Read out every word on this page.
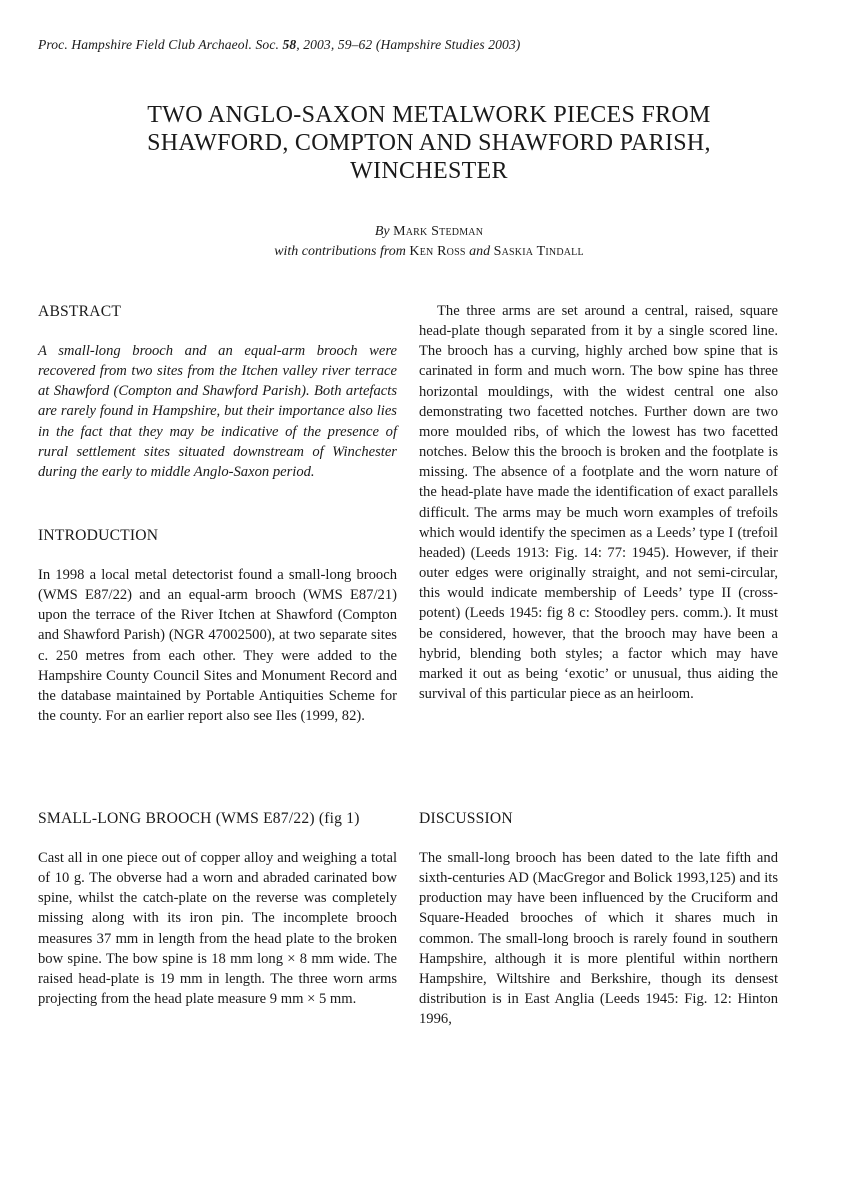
Proc. Hampshire Field Club Archaeol. Soc. 58, 2003, 59–62 (Hampshire Studies 2003)
TWO ANGLO-SAXON METALWORK PIECES FROM
SHAWFORD, COMPTON AND SHAWFORD PARISH,
WINCHESTER
By Mark Stedman
with contributions from Ken Ross and Saskia Tindall
ABSTRACT

A small-long brooch and an equal-arm brooch were recovered from two sites from the Itchen valley river terrace at Shawford (Compton and Shawford Parish). Both artefacts are rarely found in Hampshire, but their importance also lies in the fact that they may be indicative of the presence of rural settlement sites situated downstream of Winchester during the early to middle Anglo-Saxon period.

INTRODUCTION

In 1998 a local metal detectorist found a small-long brooch (WMS E87/22) and an equal-arm brooch (WMS E87/21) upon the terrace of the River Itchen at Shawford (Compton and Shawford Parish) (NGR 47002500), at two separate sites c. 250 metres from each other. They were added to the Hampshire County Council Sites and Monument Record and the database maintained by Portable Antiquities Scheme for the county. For an earlier report also see Iles (1999, 82).

SMALL-LONG BROOCH (WMS E87/22) (fig 1)

Cast all in one piece out of copper alloy and weighing a total of 10 g. The obverse had a worn and abraded carinated bow spine, whilst the catch-plate on the reverse was completely missing along with its iron pin. The incomplete brooch measures 37 mm in length from the head plate to the broken bow spine. The bow spine is 18 mm long × 8 mm wide. The raised head-plate is 19 mm in length. The three worn arms projecting from the head plate measure 9 mm × 5 mm.

The three arms are set around a central, raised, square head-plate though separated from it by a single scored line. The brooch has a curving, highly arched bow spine that is carinated in form and much worn. The bow spine has three horizontal mouldings, with the widest central one also demonstrating two facetted notches. Further down are two more moulded ribs, of which the lowest has two facetted notches. Below this the brooch is broken and the footplate is missing. The absence of a footplate and the worn nature of the head-plate have made the identification of exact parallels difficult. The arms may be much worn examples of trefoils which would identify the specimen as a Leeds’ type I (trefoil headed) (Leeds 1913: Fig. 14: 77: 1945). However, if their outer edges were originally straight, and not semi-circular, this would indicate membership of Leeds’ type II (cross-potent) (Leeds 1945: fig 8 c: Stoodley pers. comm.). It must be considered, however, that the brooch may have been a hybrid, blending both styles; a factor which may have marked it out as being ‘exotic’ or unusual, thus aiding the survival of this particular piece as an heirloom.

DISCUSSION

The small-long brooch has been dated to the late fifth and sixth-centuries AD (MacGregor and Bolick 1993,125) and its production may have been influenced by the Cruciform and Square-Headed brooches of which it shares much in common. The small-long brooch is rarely found in southern Hampshire, although it is more plentiful within northern Hampshire, Wiltshire and Berkshire, though its densest distribution is in East Anglia (Leeds 1945: Fig. 12: Hinton 1996,
